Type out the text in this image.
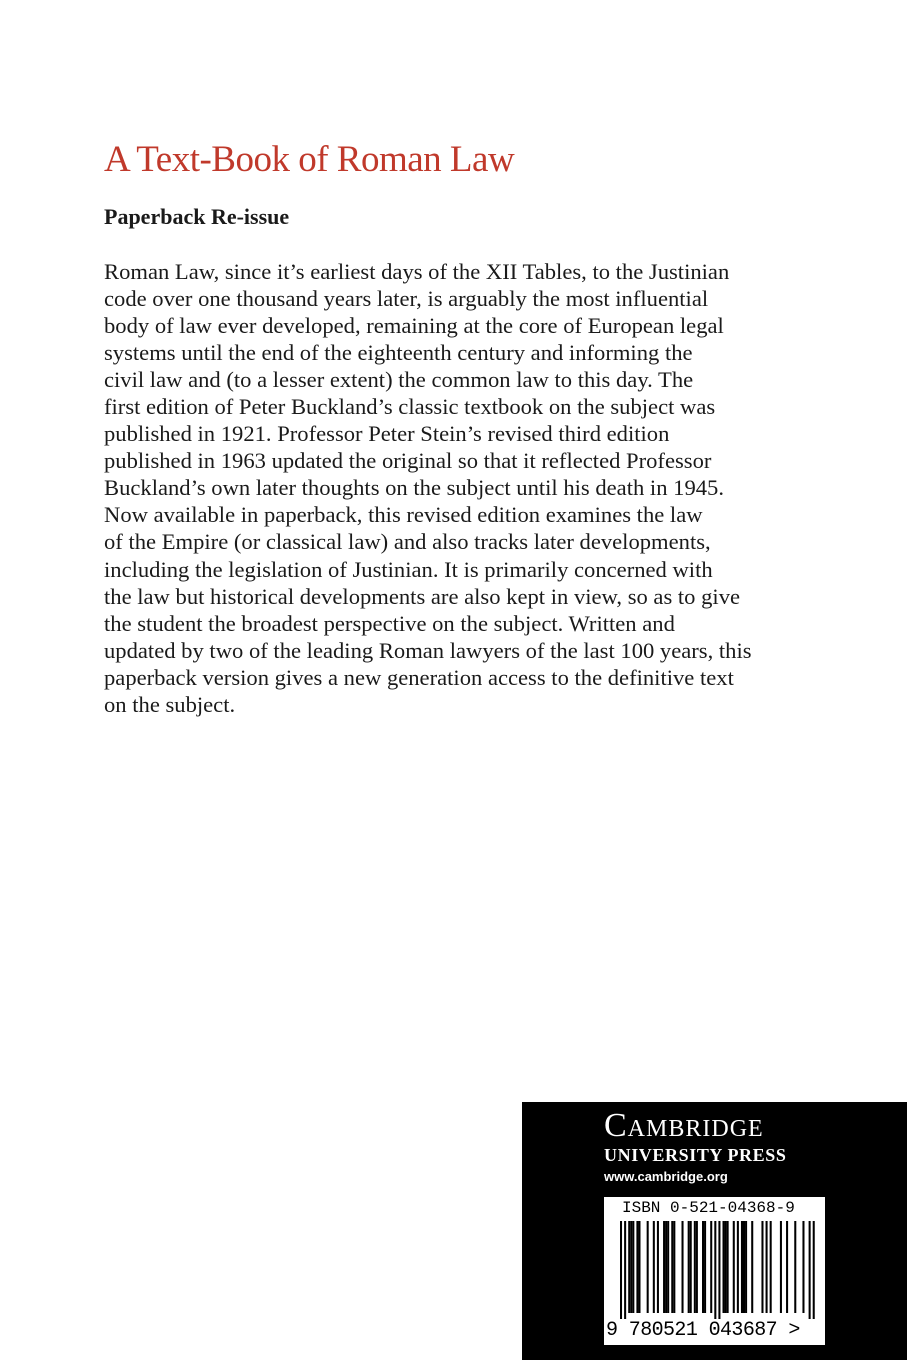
A Text-Book of Roman Law
Paperback Re-issue
Roman Law, since it’s earliest days of the XII Tables, to the Justinian
code over one thousand years later, is arguably the most influential
body of law ever developed, remaining at the core of European legal
systems until the end of the eighteenth century and informing the
civil law and (to a lesser extent) the common law to this day. The
first edition of Peter Buckland’s classic textbook on the subject was
published in 1921. Professor Peter Stein’s revised third edition
published in 1963 updated the original so that it reflected Professor
Buckland’s own later thoughts on the subject until his death in 1945.
Now available in paperback, this revised edition examines the law
of the Empire (or classical law) and also tracks later developments,
including the legislation of Justinian. It is primarily concerned with
the law but historical developments are also kept in view, so as to give
the student the broadest perspective on the subject. Written and
updated by two of the leading Roman lawyers of the last 100 years, this
paperback version gives a new generation access to the definitive text
on the subject.
Cambridge
UNIVERSITY PRESS
www.cambridge.org
ISBN 0-521-04368-9
9 780521 043687 >
